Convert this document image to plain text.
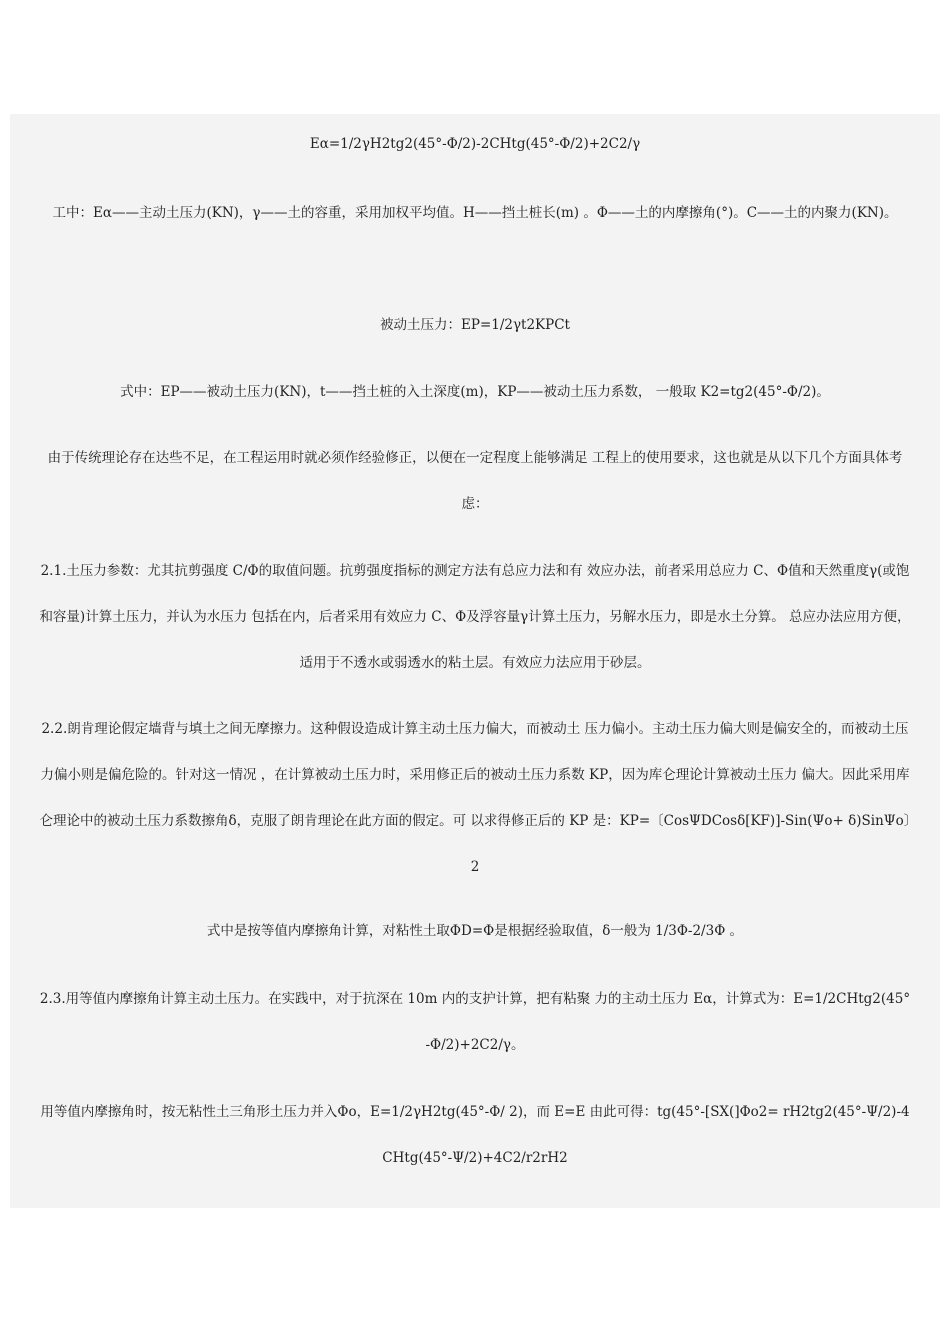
Eα=1/2γH2tg2(45°-Φ/2)-2CHtg(45°-Φ/2)+2C2/γ

工中：Eα——主动土压力(KN)，γ——土的容重，采用加权平均值。H——挡土桩长(m) 。Φ——土的内摩擦角(°)。C——土的内聚力(KN)。

被动土压力：EP=1/2γt2KPCt

式中：EP——被动土压力(KN)，t——挡土桩的入土深度(m)，KP——被动土压力系数， 一般取 K2=tg2(45°-Φ/2)。

由于传统理论存在达些不足，在工程运用时就必须作经验修正，以便在一定程度上能够满足 工程上的使用要求，这也就是从以下几个方面具体考虑：

2.1.土压力参数：尤其抗剪强度 C/Φ的取值问题。抗剪强度指标的测定方法有总应力法和有 效应办法，前者采用总应力 C、Φ值和天然重度γ(或饱和容量)计算土压力，并认为水压力 包括在内，后者采用有效应力 C、Φ及浮容量γ计算土压力，另解水压力，即是水土分算。 总应办法应用方便，适用于不透水或弱透水的粘土层。有效应力法应用于砂层。

2.2.朗肯理论假定墙背与填土之间无摩擦力。这种假设造成计算主动土压力偏大，而被动土 压力偏小。主动土压力偏大则是偏安全的，而被动土压力偏小则是偏危险的。针对这一情况 ，在计算被动土压力时，采用修正后的被动土压力系数 KP，因为库仑理论计算被动土压力 偏大。因此采用库仑理论中的被动土压力系数擦角δ，克服了朗肯理论在此方面的假定。可 以求得修正后的 KP 是：KP=〔CosΨDCosδ[KF)]-Sin(Ψo+ δ)SinΨo〕2

式中是按等值内摩擦角计算，对粘性土取ΦD=Φ是根据经验取值，δ一般为 1/3Φ-2/3Φ 。

2.3.用等值内摩擦角计算主动土压力。在实践中，对于抗深在 10m 内的支护计算，把有粘聚 力的主动土压力 Eα，计算式为：E=1/2CHtg2(45°-Φ/2)+2C2/γ。

用等值内摩擦角时，按无粘性土三角形土压力并入Φo，E=1/2γH2tg(45°-Φ/ 2)，而 E=E 由此可得：tg(45°-[SX(]Φo2= rH2tg2(45°-Ψ/2)-4CHtg(45°-Ψ/2)+4C2/r2rH2
